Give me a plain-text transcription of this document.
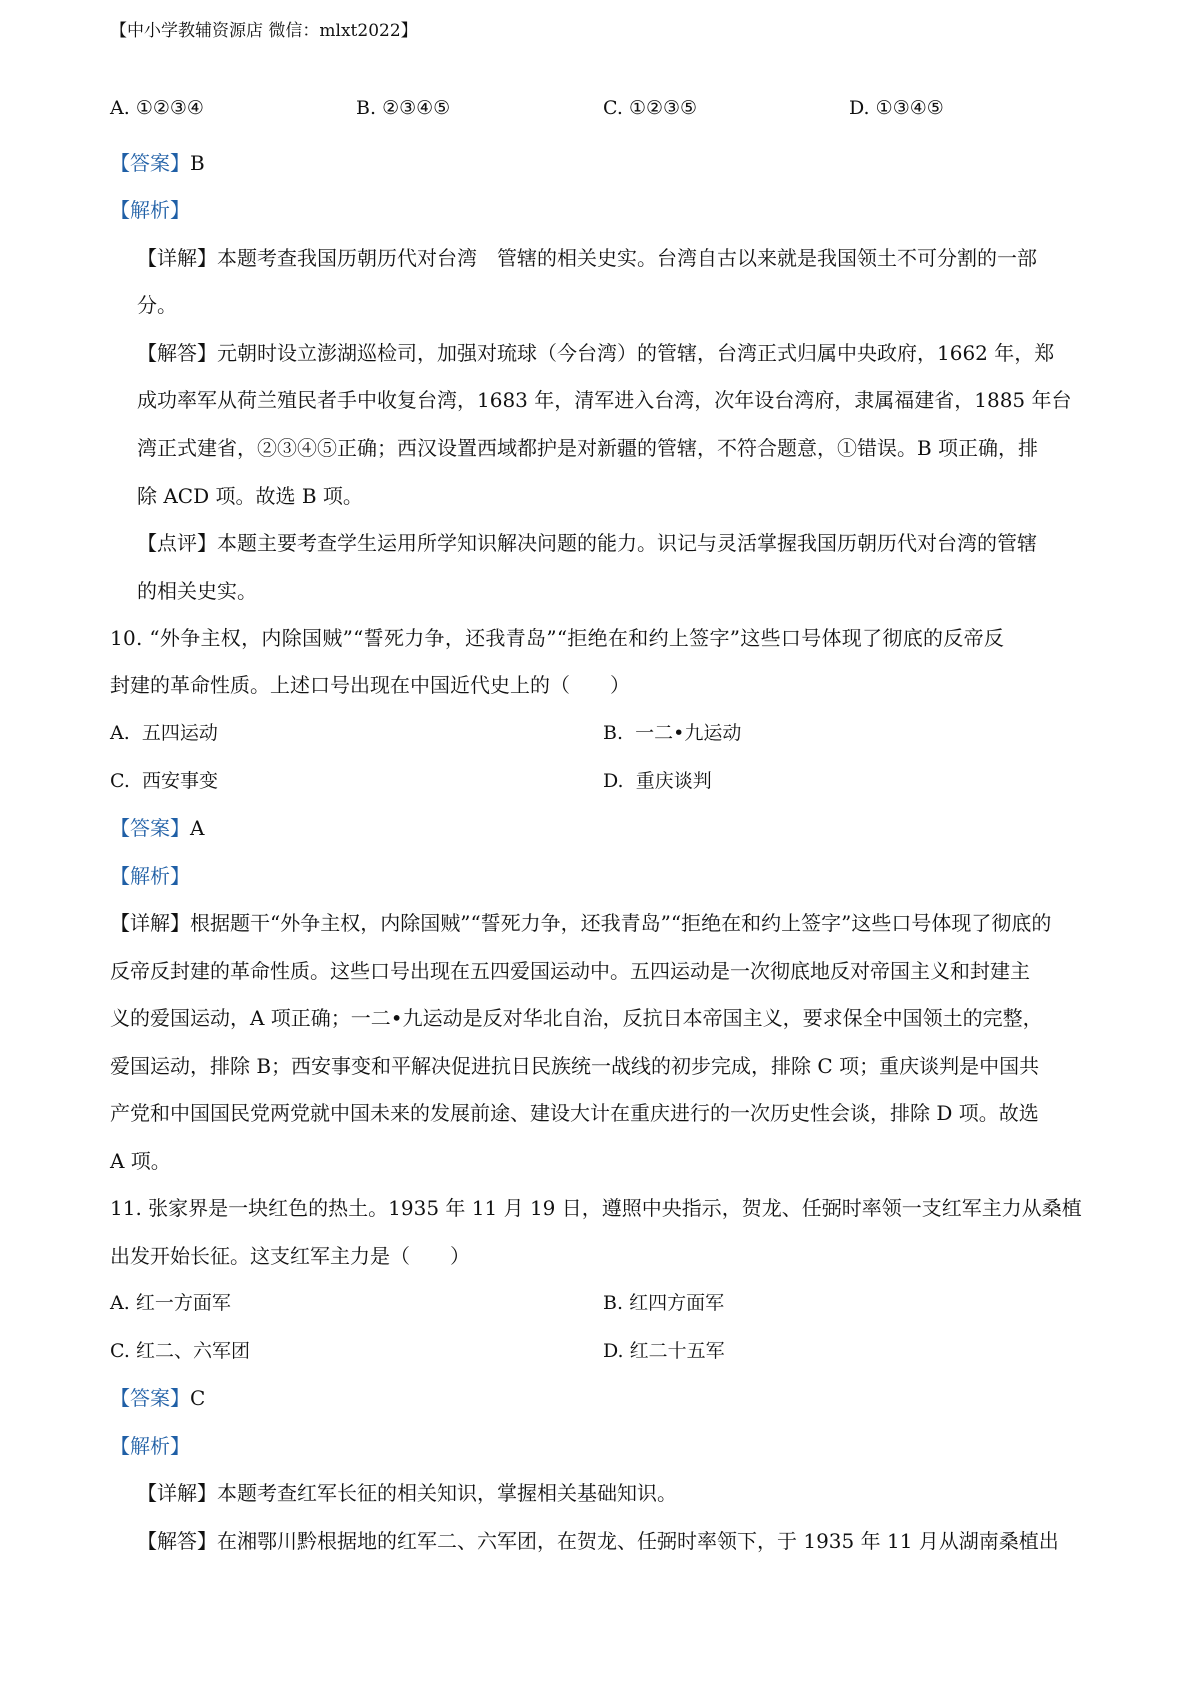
【中小学教辅资源店 微信：mlxt2022】
A. ①②③④	B. ②③④⑤	C. ①②③⑤	D. ①③④⑤
【答案】B
【解析】
【详解】本题考查我国历朝历代对台湾　管辖的相关史实。台湾自古以来就是我国领土不可分割的一部
分。
【解答】元朝时设立澎湖巡检司，加强对琉球（今台湾）的管辖，台湾正式归属中央政府，1662 年，郑
成功率军从荷兰殖民者手中收复台湾，1683 年，清军进入台湾，次年设台湾府，隶属福建省，1885 年台
湾正式建省，②③④⑤正确；西汉设置西域都护是对新疆的管辖，不符合题意，①错误。B 项正确，排
除 ACD 项。故选 B 项。
【点评】本题主要考查学生运用所学知识解决问题的能力。识记与灵活掌握我国历朝历代对台湾的管辖
的相关史实。
10. “外争主权，内除国贼”“誓死力争，还我青岛”“拒绝在和约上签字”这些口号体现了彻底的反帝反
封建的革命性质。上述口号出现在中国近代史上的（　　）
A. 五四运动	B. 一二•九运动
C. 西安事变	D. 重庆谈判
【答案】A
【解析】
【详解】根据题干“外争主权，内除国贼”“誓死力争，还我青岛”“拒绝在和约上签字”这些口号体现了彻底的
反帝反封建的革命性质。这些口号出现在五四爱国运动中。五四运动是一次彻底地反对帝国主义和封建主
义的爱国运动，A 项正确；一二•九运动是反对华北自治，反抗日本帝国主义，要求保全中国领土的完整，
爱国运动，排除 B；西安事变和平解决促进抗日民族统一战线的初步完成，排除 C 项；重庆谈判是中国共
产党和中国国民党两党就中国未来的发展前途、建设大计在重庆进行的一次历史性会谈，排除 D 项。故选
A 项。
11. 张家界是一块红色的热土。1935 年 11 月 19 日，遵照中央指示，贺龙、任弼时率领一支红军主力从桑植
出发开始长征。这支红军主力是（　　）
A. 红一方面军	B. 红四方面军
C. 红二、六军团	D. 红二十五军
【答案】C
【解析】
【详解】本题考查红军长征的相关知识，掌握相关基础知识。
【解答】在湘鄂川黔根据地的红军二、六军团，在贺龙、任弼时率领下，于 1935 年 11 月从湖南桑植出
